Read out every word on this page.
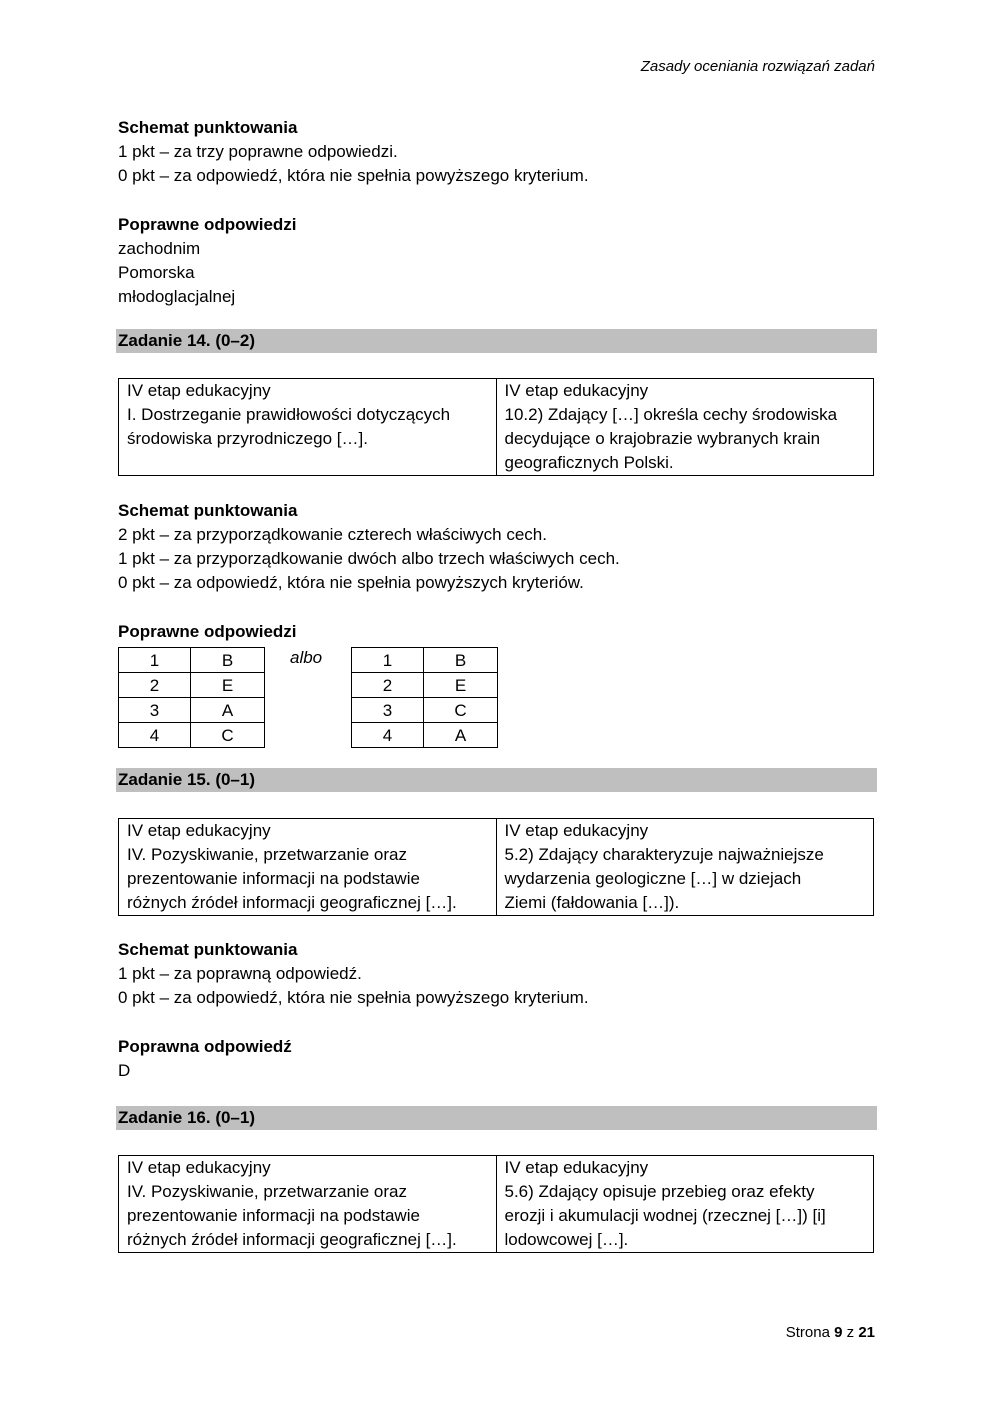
Zasady oceniania rozwiązań zadań
Schemat punktowania
1 pkt – za trzy poprawne odpowiedzi.
0 pkt – za odpowiedź, która nie spełnia powyższego kryterium.
Poprawne odpowiedzi
zachodnim
Pomorska
młodoglacjalnej
Zadanie 14. (0–2)
IV etap edukacyjny
I. Dostrzeganie prawidłowości dotyczących
środowiska przyrodniczego […].

IV etap edukacyjny
10.2) Zdający […] określa cechy środowiska
decydujące o krajobrazie wybranych krain
geograficznych Polski.
Schemat punktowania
2 pkt – za przyporządkowanie czterech właściwych cech.
1 pkt – za przyporządkowanie dwóch albo trzech właściwych cech.
0 pkt – za odpowiedź, która nie spełnia powyższych kryteriów.
Poprawne odpowiedzi
1	B
2	E
3	A
4	C
albo	1	B
2	E
3	C
4	A
Zadanie 15. (0–1)
IV etap edukacyjny
IV. Pozyskiwanie, przetwarzanie oraz
prezentowanie informacji na podstawie
różnych źródeł informacji geograficznej […].

IV etap edukacyjny
5.2) Zdający charakteryzuje najważniejsze
wydarzenia geologiczne […] w dziejach
Ziemi (fałdowania […]).
Schemat punktowania
1 pkt – za poprawną odpowiedź.
0 pkt – za odpowiedź, która nie spełnia powyższego kryterium.
Poprawna odpowiedź
D
Zadanie 16. (0–1)
IV etap edukacyjny
IV. Pozyskiwanie, przetwarzanie oraz
prezentowanie informacji na podstawie
różnych źródeł informacji geograficznej […].

IV etap edukacyjny
5.6) Zdający opisuje przebieg oraz efekty
erozji i akumulacji wodnej (rzecznej […]) [i]
lodowcowej […].
Strona 9 z 21
